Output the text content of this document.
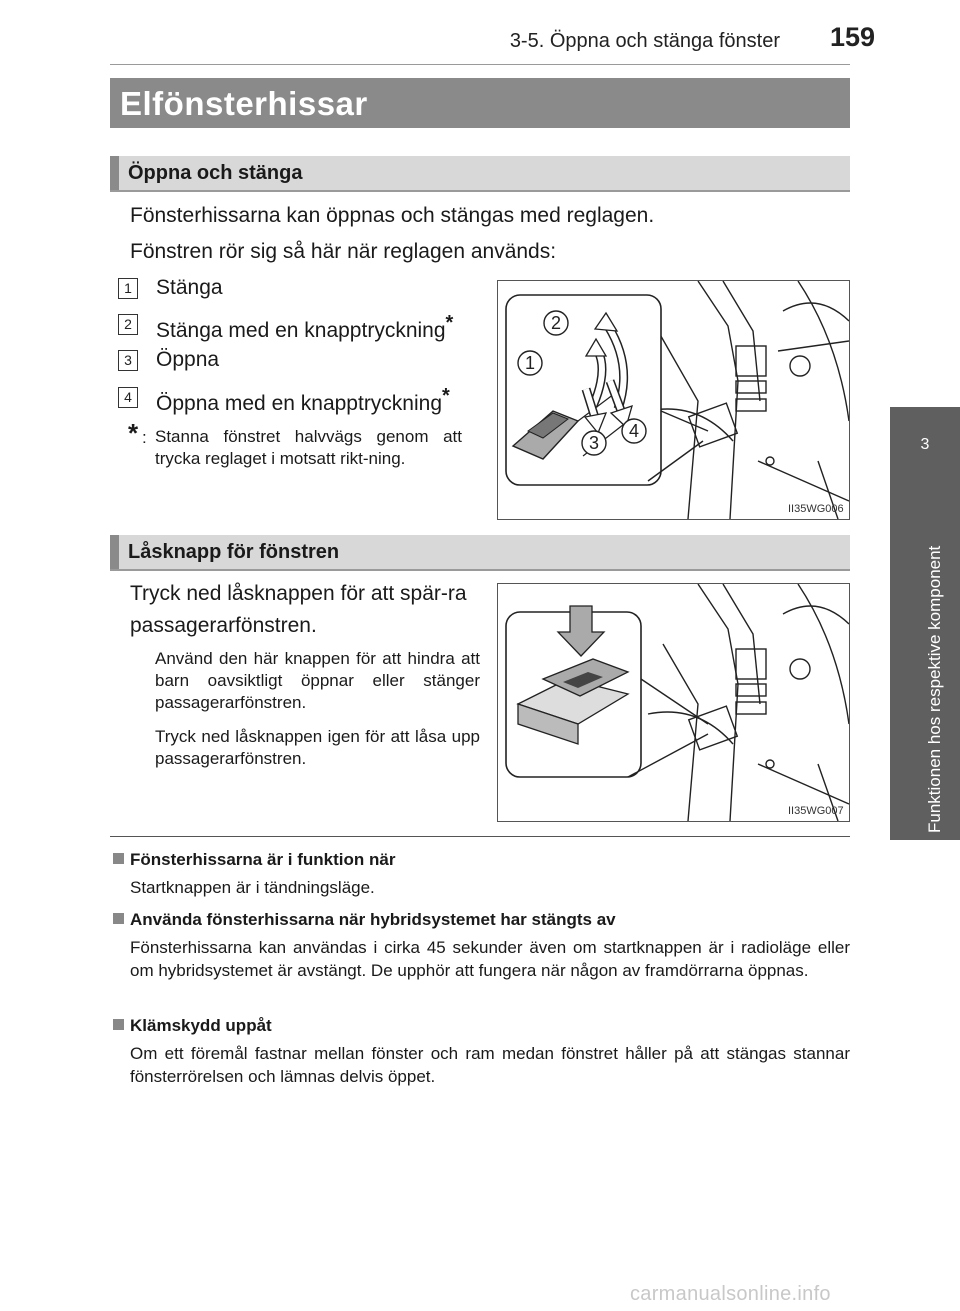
3-5. Öppna och stänga fönster 159
3
Funktionen hos respektive komponent
Elfönsterhissar
Öppna och stänga
Fönsterhissarna kan öppnas och stängas med reglagen.
Fönstren rör sig så här när reglagen används:
1 Stänga
2 Stänga med en knapptryckning*
3 Öppna
4 Öppna med en knapptryckning*
* : Stanna fönstret halvvägs genom att trycka reglaget i motsatt rikt-ning.
1
2
3
4
II35WG006
Låsknapp för fönstren
Tryck ned låsknappen för att spär-ra passagerarfönstren.
Använd den här knappen för att hindra att barn oavsiktligt öppnar eller stänger passagerarfönstren.
Tryck ned låsknappen igen för att låsa upp passagerarfönstren.
II35WG007
Fönsterhissarna är i funktion när
Startknappen är i tändningsläge.
Använda fönsterhissarna när hybridsystemet har stängts av
Fönsterhissarna kan användas i cirka 45 sekunder även om startknappen är i radioläge eller om hybridsystemet är avstängt. De upphör att fungera när någon av framdörrarna öppnas.
Klämskydd uppåt
Om ett föremål fastnar mellan fönster och ram medan fönstret håller på att stängas stannar fönsterrörelsen och lämnas delvis öppet.
carmanualsonline.info
